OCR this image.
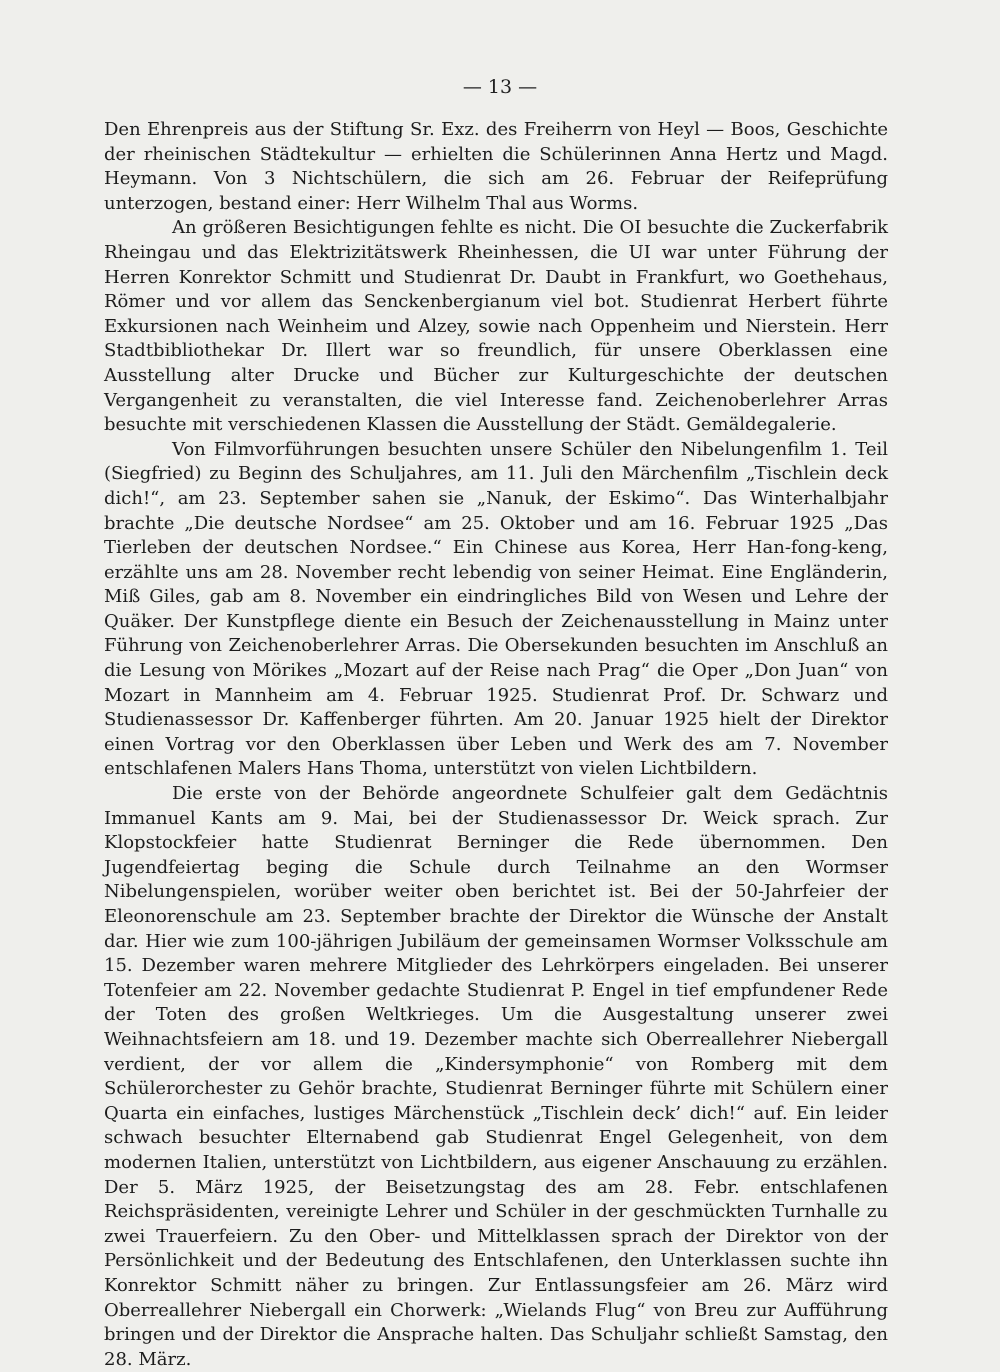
— 13 —

Den Ehrenpreis aus der Stiftung Sr. Exz. des Freiherrn von Heyl — Boos, Geschichte der rheinischen Städtekultur — erhielten die Schülerinnen Anna Hertz und Magd. Heymann. Von 3 Nichtschülern, die sich am 26. Februar der Reifeprüfung unterzogen, bestand einer: Herr Wilhelm Thal aus Worms.

An größeren Besichtigungen fehlte es nicht. Die OI besuchte die Zuckerfabrik Rheingau und das Elektrizitätswerk Rheinhessen, die UI war unter Führung der Herren Konrektor Schmitt und Studienrat Dr. Daubt in Frankfurt, wo Goethehaus, Römer und vor allem das Senckenbergianum viel bot. Studienrat Herbert führte Exkursionen nach Weinheim und Alzey, sowie nach Oppenheim und Nierstein. Herr Stadtbibliothekar Dr. Illert war so freundlich, für unsere Oberklassen eine Ausstellung alter Drucke und Bücher zur Kulturgeschichte der deutschen Vergangenheit zu veranstalten, die viel Interesse fand. Zeichenoberlehrer Arras besuchte mit verschiedenen Klassen die Ausstellung der Städt. Gemäldegalerie.

Von Filmvorführungen besuchten unsere Schüler den Nibelungenfilm 1. Teil (Siegfried) zu Beginn des Schuljahres, am 11. Juli den Märchenfilm „Tischlein deck dich!“, am 23. September sahen sie „Nanuk, der Eskimo“. Das Winterhalbjahr brachte „Die deutsche Nordsee“ am 25. Oktober und am 16. Februar 1925 „Das Tierleben der deutschen Nordsee.“ Ein Chinese aus Korea, Herr Han-fong-keng, erzählte uns am 28. November recht lebendig von seiner Heimat. Eine Engländerin, Miß Giles, gab am 8. November ein eindringliches Bild von Wesen und Lehre der Quäker. Der Kunstpflege diente ein Besuch der Zeichenausstellung in Mainz unter Führung von Zeichenoberlehrer Arras. Die Obersekunden besuchten im Anschluß an die Lesung von Mörikes „Mozart auf der Reise nach Prag“ die Oper „Don Juan“ von Mozart in Mannheim am 4. Februar 1925. Studienrat Prof. Dr. Schwarz und Studienassessor Dr. Kaffenberger führten. Am 20. Januar 1925 hielt der Direktor einen Vortrag vor den Oberklassen über Leben und Werk des am 7. November entschlafenen Malers Hans Thoma, unterstützt von vielen Lichtbildern.

Die erste von der Behörde angeordnete Schulfeier galt dem Gedächtnis Immanuel Kants am 9. Mai, bei der Studienassessor Dr. Weick sprach. Zur Klopstockfeier hatte Studienrat Berninger die Rede übernommen. Den Jugendfeiertag beging die Schule durch Teilnahme an den Wormser Nibelungenspielen, worüber weiter oben berichtet ist. Bei der 50-Jahrfeier der Eleonorenschule am 23. September brachte der Direktor die Wünsche der Anstalt dar. Hier wie zum 100-jährigen Jubiläum der gemeinsamen Wormser Volksschule am 15. Dezember waren mehrere Mitglieder des Lehrkörpers eingeladen. Bei unserer Totenfeier am 22. November gedachte Studienrat P. Engel in tief empfundener Rede der Toten des großen Weltkrieges. Um die Ausgestaltung unserer zwei Weihnachtsfeiern am 18. und 19. Dezember machte sich Oberreallehrer Niebergall verdient, der vor allem die „Kindersymphonie“ von Romberg mit dem Schülerorchester zu Gehör brachte, Studienrat Berninger führte mit Schülern einer Quarta ein einfaches, lustiges Märchenstück „Tischlein deck’ dich!“ auf. Ein leider schwach besuchter Elternabend gab Studienrat Engel Gelegenheit, von dem modernen Italien, unterstützt von Lichtbildern, aus eigener Anschauung zu erzählen. Der 5. März 1925, der Beisetzungstag des am 28. Febr. entschlafenen Reichspräsidenten, vereinigte Lehrer und Schüler in der geschmückten Turnhalle zu zwei Trauerfeiern. Zu den Ober- und Mittelklassen sprach der Direktor von der Persönlichkeit und der Bedeutung des Entschlafenen, den Unterklassen suchte ihn Konrektor Schmitt näher zu bringen. Zur Entlassungsfeier am 26. März wird Oberreallehrer Niebergall ein Chorwerk: „Wielands Flug“ von Breu zur Aufführung bringen und der Direktor die Ansprache halten. Das Schuljahr schließt Samstag, den 28. März.
